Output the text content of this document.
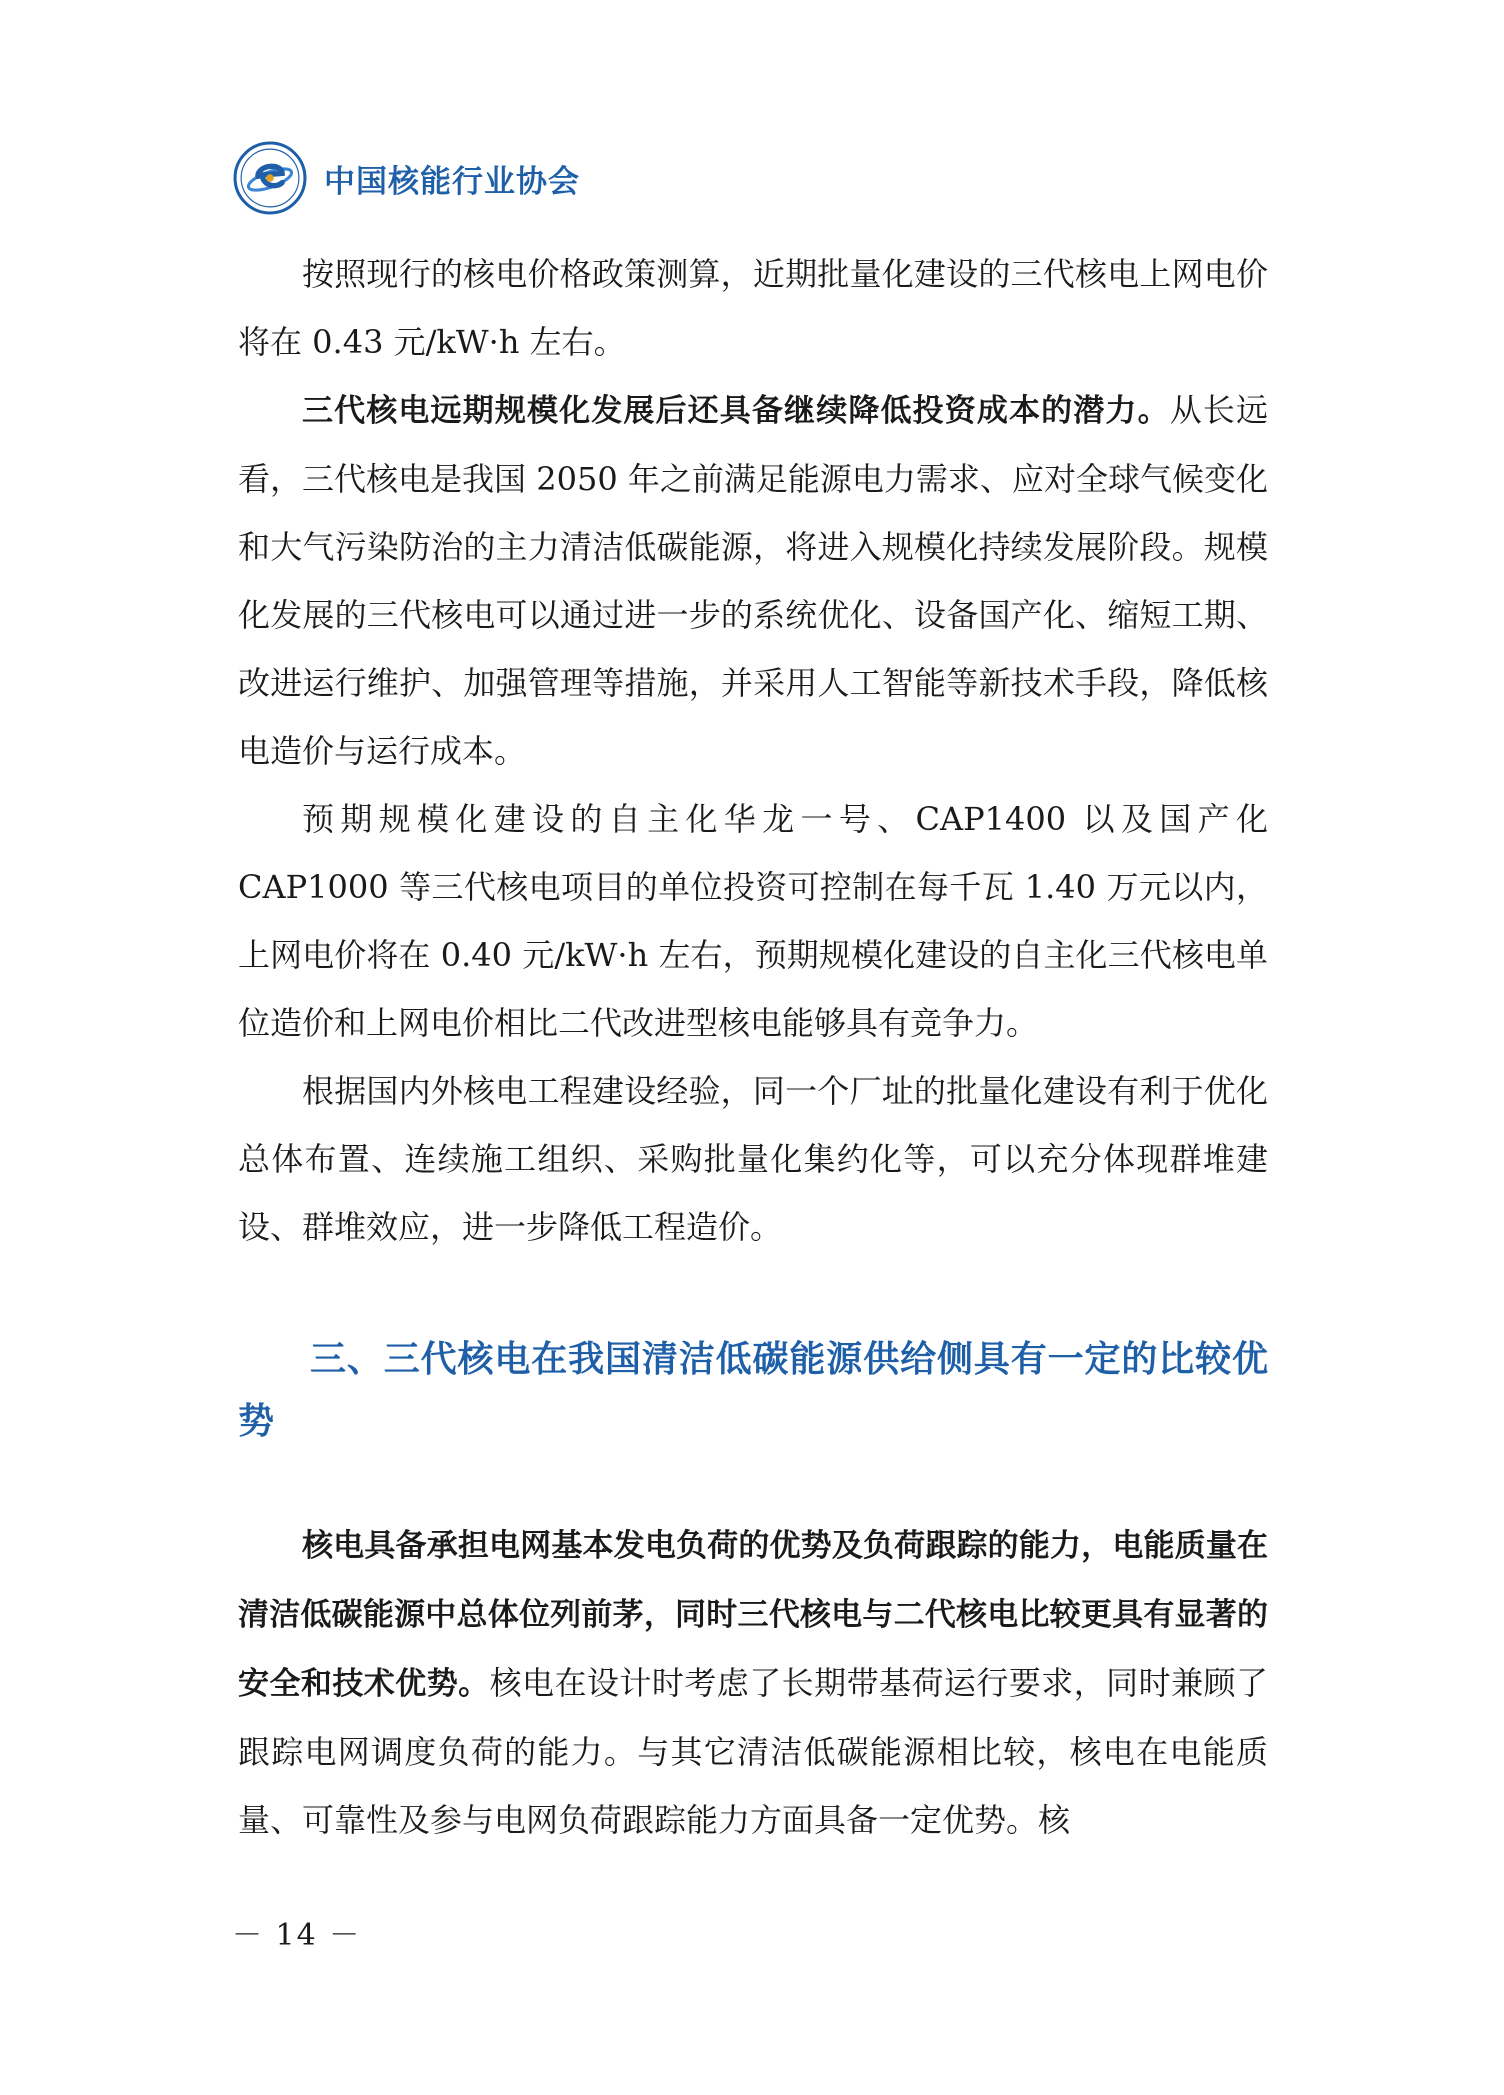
中国核能行业协会

按照现行的核电价格政策测算，近期批量化建设的三代核电上网电价将在 0.43 元/kW·h 左右。

三代核电远期规模化发展后还具备继续降低投资成本的潜力。从长远看，三代核电是我国 2050 年之前满足能源电力需求、应对全球气候变化和大气污染防治的主力清洁低碳能源，将进入规模化持续发展阶段。规模化发展的三代核电可以通过进一步的系统优化、设备国产化、缩短工期、改进运行维护、加强管理等措施，并采用人工智能等新技术手段，降低核电造价与运行成本。

预期规模化建设的自主化华龙一号、CAP1400 以及国产化 CAP1000 等三代核电项目的单位投资可控制在每千瓦 1.40 万元以内，上网电价将在 0.40 元/kW·h 左右，预期规模化建设的自主化三代核电单位造价和上网电价相比二代改进型核电能够具有竞争力。

根据国内外核电工程建设经验，同一个厂址的批量化建设有利于优化总体布置、连续施工组织、采购批量化集约化等，可以充分体现群堆建设、群堆效应，进一步降低工程造价。

三、三代核电在我国清洁低碳能源供给侧具有一定的比较优势

核电具备承担电网基本发电负荷的优势及负荷跟踪的能力，电能质量在清洁低碳能源中总体位列前茅，同时三代核电与二代核电比较更具有显著的安全和技术优势。核电在设计时考虑了长期带基荷运行要求，同时兼顾了跟踪电网调度负荷的能力。与其它清洁低碳能源相比较，核电在电能质量、可靠性及参与电网负荷跟踪能力方面具备一定优势。核

－ 14 －
